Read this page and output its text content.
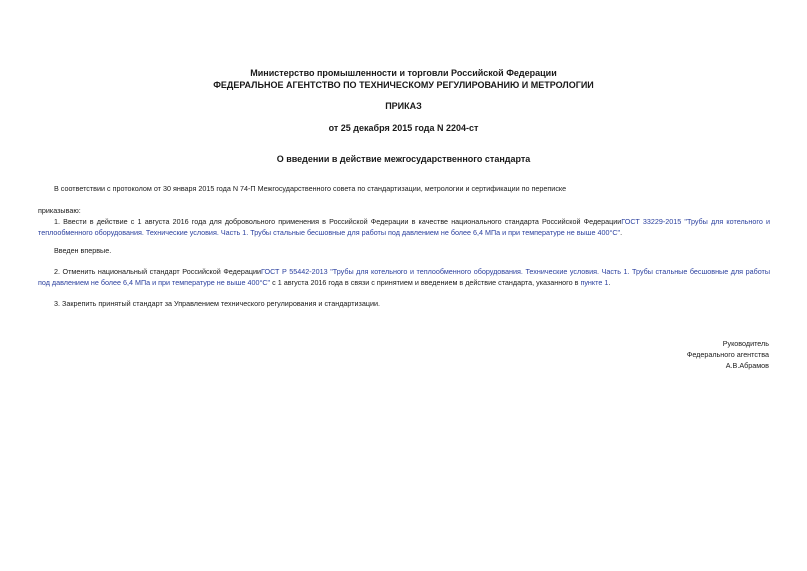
Министерство промышленности и торговли Российской Федерации
ФЕДЕРАЛЬНОЕ АГЕНТСТВО ПО ТЕХНИЧЕСКОМУ РЕГУЛИРОВАНИЮ И МЕТРОЛОГИИ
ПРИКАЗ
от 25 декабря 2015 года N 2204-ст
О введении в действие межгосударственного стандарта
В соответствии с протоколом от 30 января 2015 года N 74-П Межгосударственного совета по стандартизации, метрологии и сертификации по переписке
приказываю:
1. Ввести в действие с 1 августа 2016 года для добровольного применения в Российской Федерации в качестве национального стандарта Российской ФедерацииГОСТ 33229-2015 "Трубы для котельного и
теплообменного оборудования. Технические условия. Часть 1. Трубы стальные бесшовные для работы под давлением не более 6,4 МПа и при температуре не выше 400°С".
Введен впервые.
2. Отменить национальный стандарт Российской ФедерацииГОСТ Р 55442-2013 "Трубы для котельного и теплообменного оборудования. Технические условия. Часть 1. Трубы стальные бесшовные для работы
под давлением не более 6,4 МПа и при температуре не выше 400°С" с 1 августа 2016 года в связи с принятием и введением в действие стандарта, указанного в пункте 1.
3. Закрепить принятый стандарт за Управлением технического регулирования и стандартизации.
Руководитель
Федерального агентства
А.В.Абрамов
